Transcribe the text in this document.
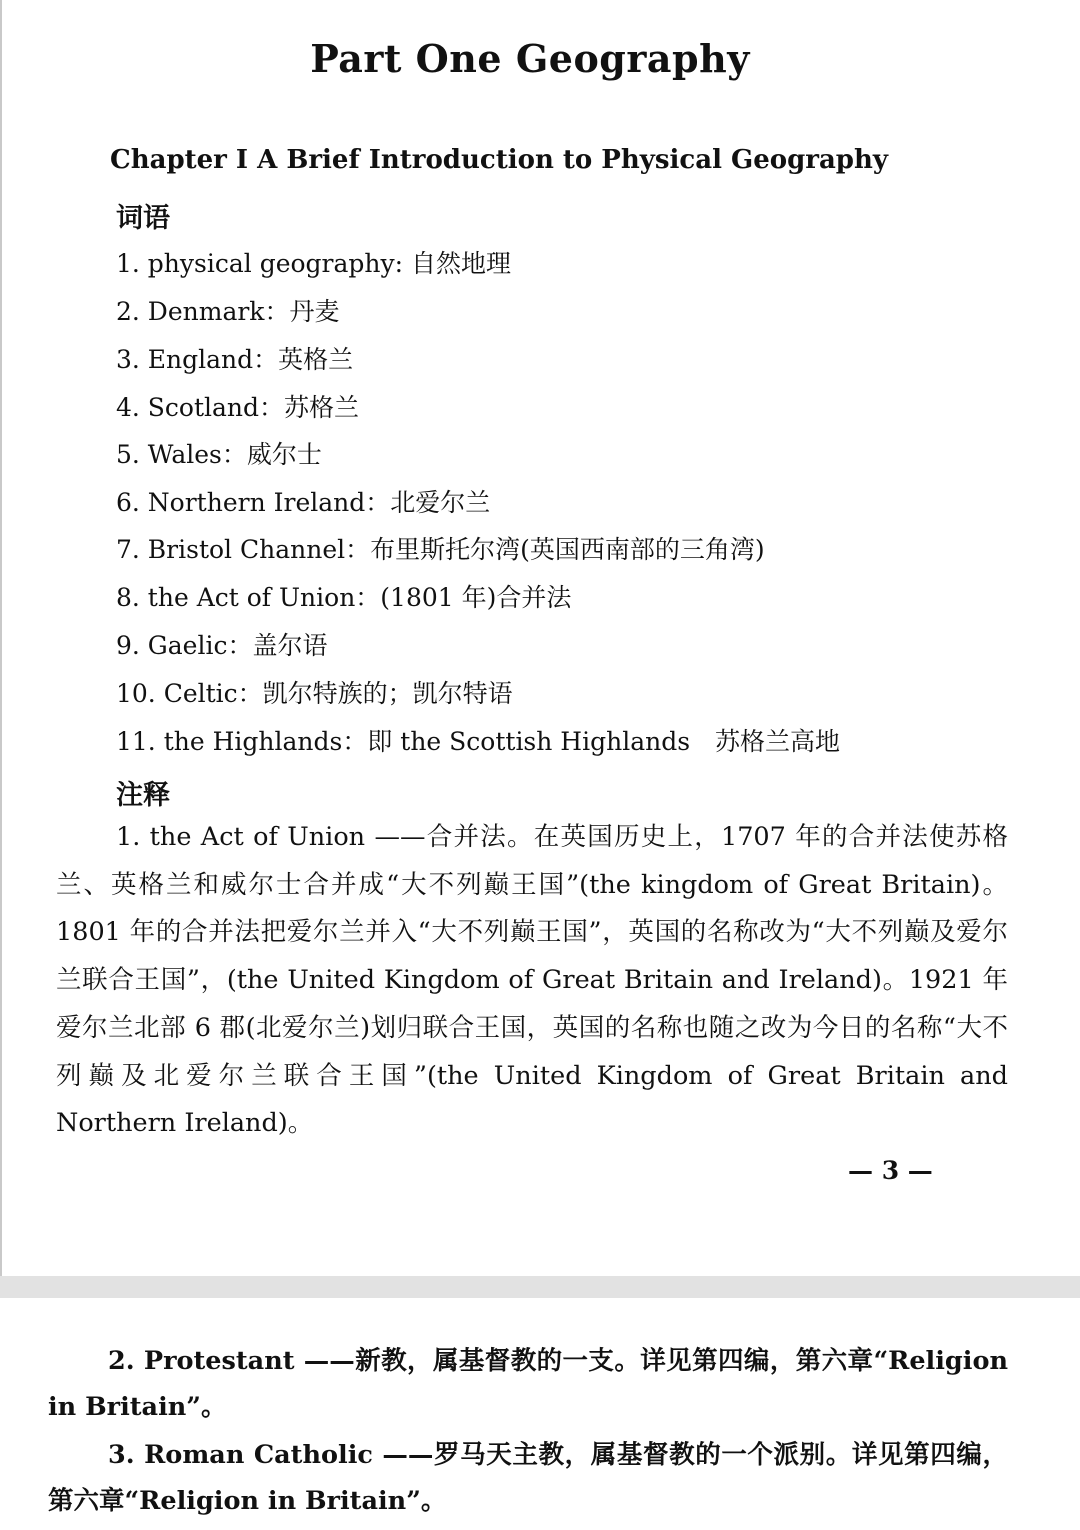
Part One Geography
Chapter Ⅰ A Brief Introduction to Physical Geography
词语
1. physical geography: 自然地理
2. Denmark：丹麦
3. England：英格兰
4. Scotland：苏格兰
5. Wales：威尔士
6. Northern Ireland：北爱尔兰
7. Bristol Channel：布里斯托尔湾(英国西南部的三角湾)
8. the Act of Union：(1801 年)合并法
9. Gaelic：盖尔语
10. Celtic：凯尔特族的；凯尔特语
11. the Highlands：即 the Scottish Highlands　苏格兰高地
注释
1. the Act of Union ——合并法。在英国历史上，1707 年的合并法使苏格兰、英格兰和威尔士合并成“大不列巅王国”(the kingdom of Great Britain)。1801 年的合并法把爱尔兰并入“大不列巅王国”，英国的名称改为“大不列巅及爱尔兰联合王国”，(the United Kingdom of Great Britain and Ireland)。1921 年爱尔兰北部 6 郡(北爱尔兰)划归联合王国，英国的名称也随之改为今日的名称“大不列巅及北爱尔兰联合王国”(the United Kingdom of Great Britain and Northern Ireland)。
— 3 —
2. Protestant ——新教，属基督教的一支。详见第四编，第六章“Religion in Britain”。
3. Roman Catholic ——罗马天主教，属基督教的一个派别。详见第四编，第六章“Religion in Britain”。
